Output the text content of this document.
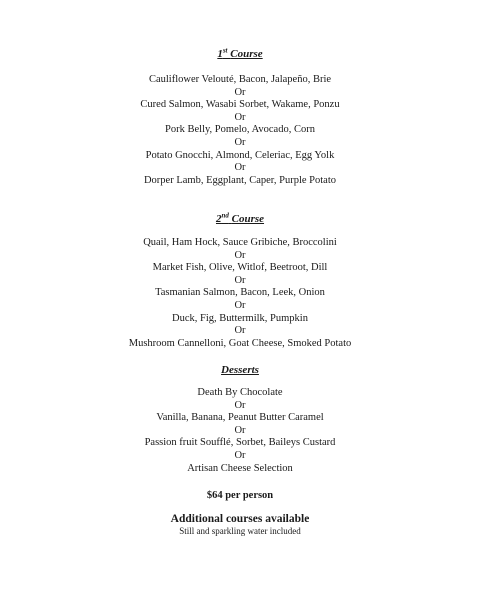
1st Course

Cauliflower Velouté, Bacon, Jalapeño, Brie
Or
Cured Salmon, Wasabi Sorbet, Wakame, Ponzu
Or
Pork Belly, Pomelo, Avocado, Corn
Or
Potato Gnocchi, Almond, Celeriac, Egg Yolk
Or
Dorper Lamb, Eggplant, Caper, Purple Potato

2nd Course

Quail, Ham Hock, Sauce Gribiche, Broccolini
Or
Market Fish, Olive, Witlof, Beetroot, Dill
Or
Tasmanian Salmon, Bacon, Leek, Onion
Or
Duck, Fig, Buttermilk, Pumpkin
Or
Mushroom Cannelloni, Goat Cheese, Smoked Potato

Desserts

Death By Chocolate
Or
Vanilla, Banana, Peanut Butter Caramel
Or
Passion fruit Soufflé, Sorbet, Baileys Custard
Or
Artisan Cheese Selection
$64 per person
Additional courses available
Still and sparkling water included
